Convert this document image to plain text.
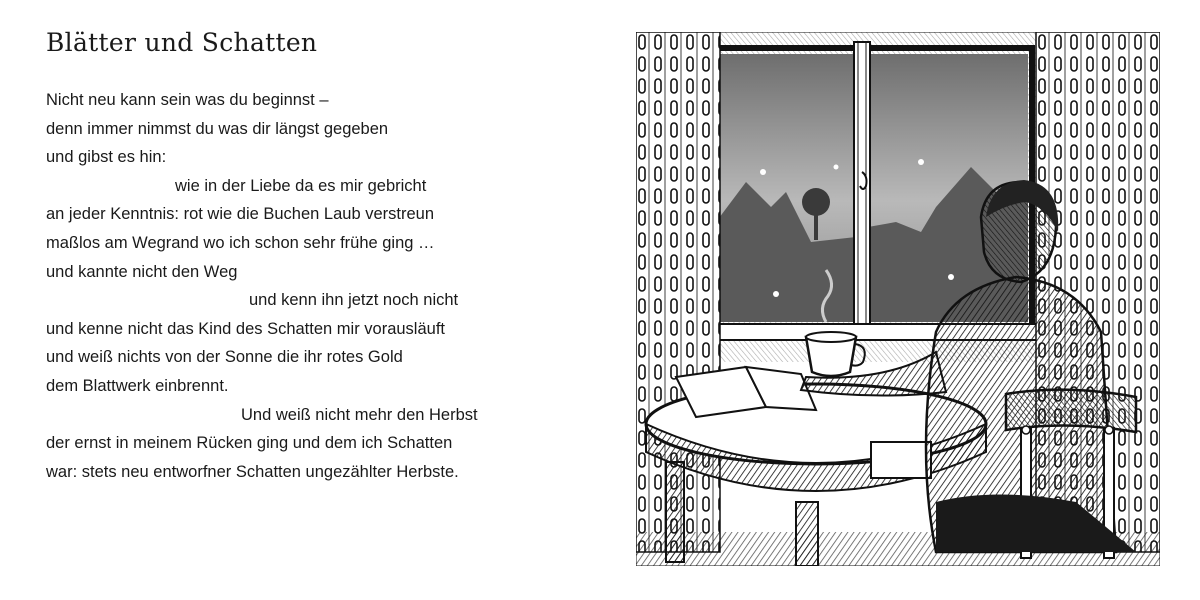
Blätter und Schatten
Nicht neu kann sein was du beginnst –
denn immer nimmst du was dir längst gegeben
und gibst es hin:
wie in der Liebe da es mir gebricht
an jeder Kenntnis: rot wie die Buchen Laub verstreun
maßlos am Wegrand wo ich schon sehr frühe ging …
und kannte nicht den Weg
und kenn ihn jetzt noch nicht
und kenne nicht das Kind des Schatten mir vorausläuft
und weiß nichts von der Sonne die ihr rotes Gold
dem Blattwerk einbrennt.
Und weiß nicht mehr den Herbst
der ernst in meinem Rücken ging und dem ich Schatten
war: stets neu entworfner Schatten ungezählter Herbste.
